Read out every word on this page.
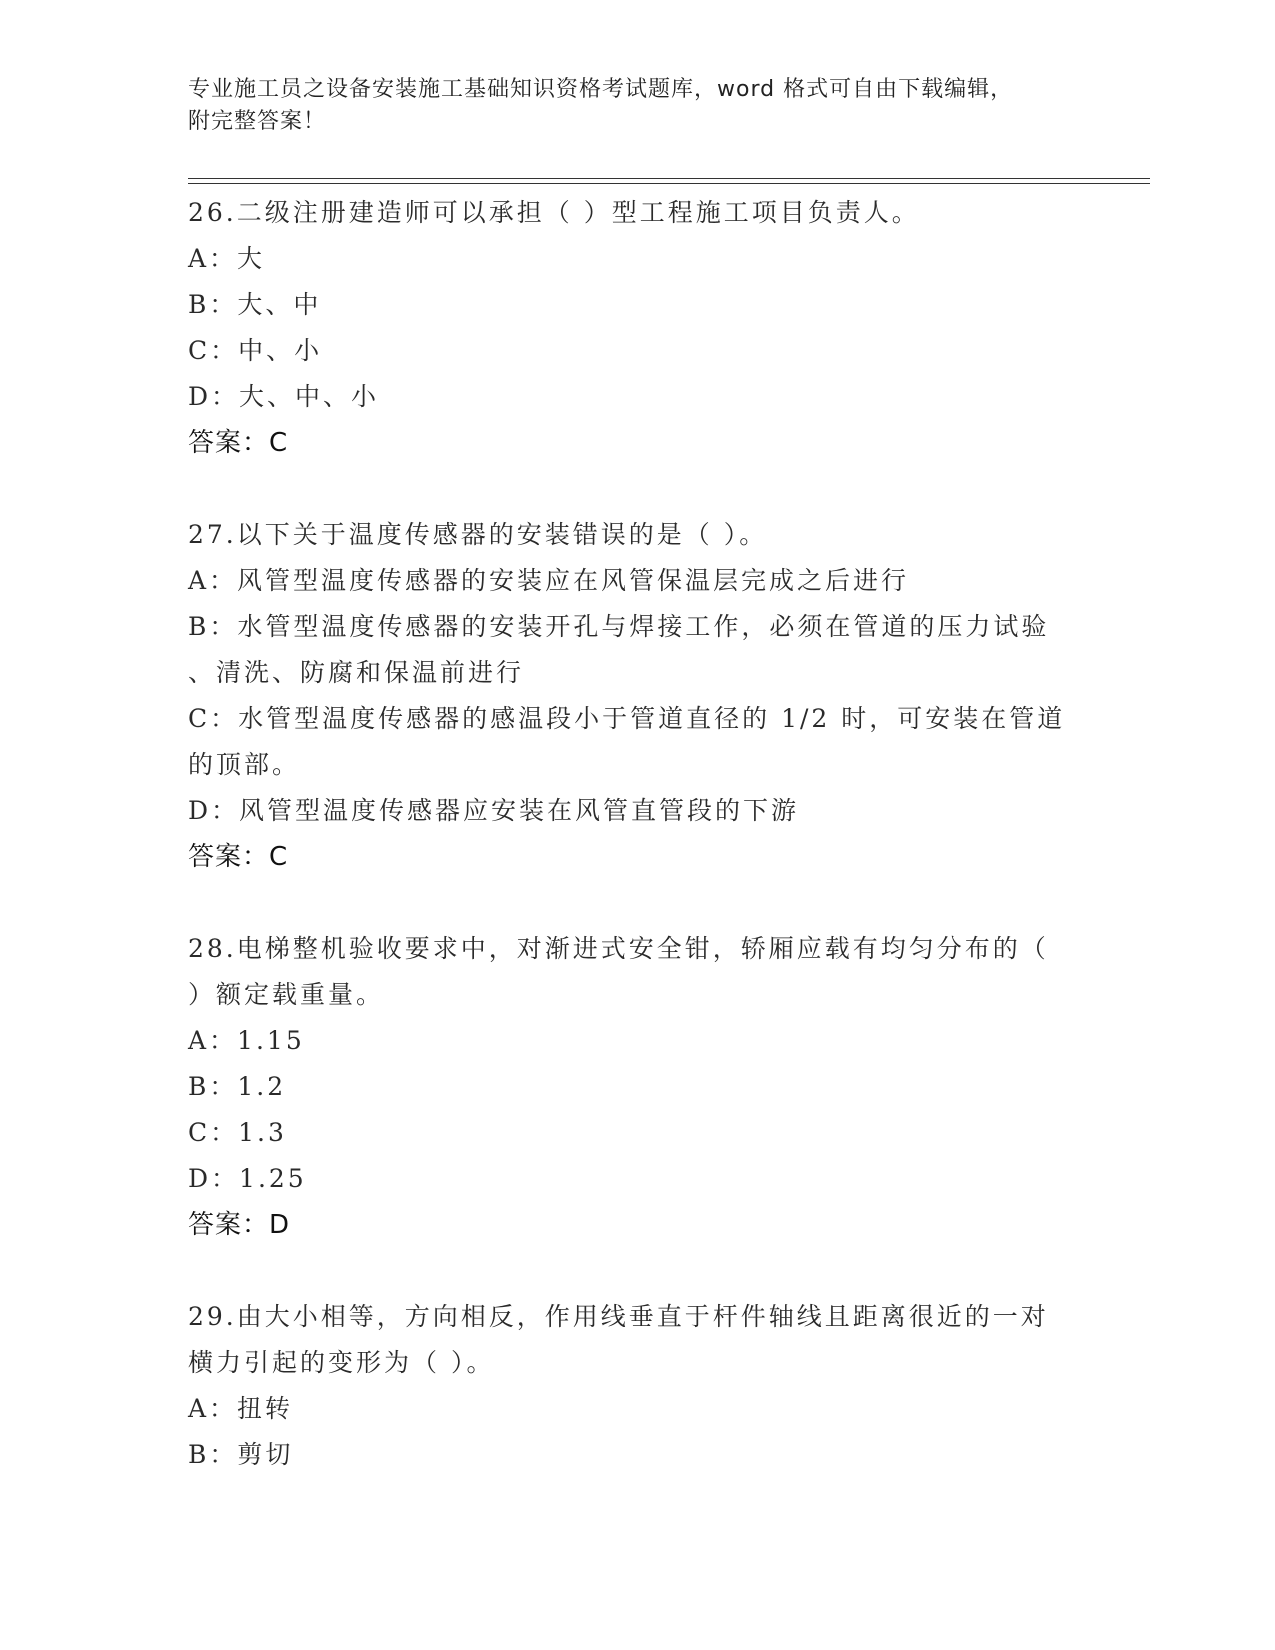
专业施工员之设备安装施工基础知识资格考试题库，word 格式可自由下载编辑，
附完整答案！
26.二级注册建造师可以承担（ ）型工程施工项目负责人。
A：大
B：大、中
C：中、小
D：大、中、小
答案：C
27.以下关于温度传感器的安装错误的是（ ）。
A：风管型温度传感器的安装应在风管保温层完成之后进行
B：水管型温度传感器的安装开孔与焊接工作，必须在管道的压力试验
、清洗、防腐和保温前进行
C：水管型温度传感器的感温段小于管道直径的 1/2 时，可安装在管道
的顶部。
D：风管型温度传感器应安装在风管直管段的下游
答案：C
28.电梯整机验收要求中，对渐进式安全钳，轿厢应载有均匀分布的（
）额定载重量。
A：1.15
B：1.2
C：1.3
D：1.25
答案：D
29.由大小相等，方向相反，作用线垂直于杆件轴线且距离很近的一对
横力引起的变形为（ ）。
A：扭转
B：剪切
